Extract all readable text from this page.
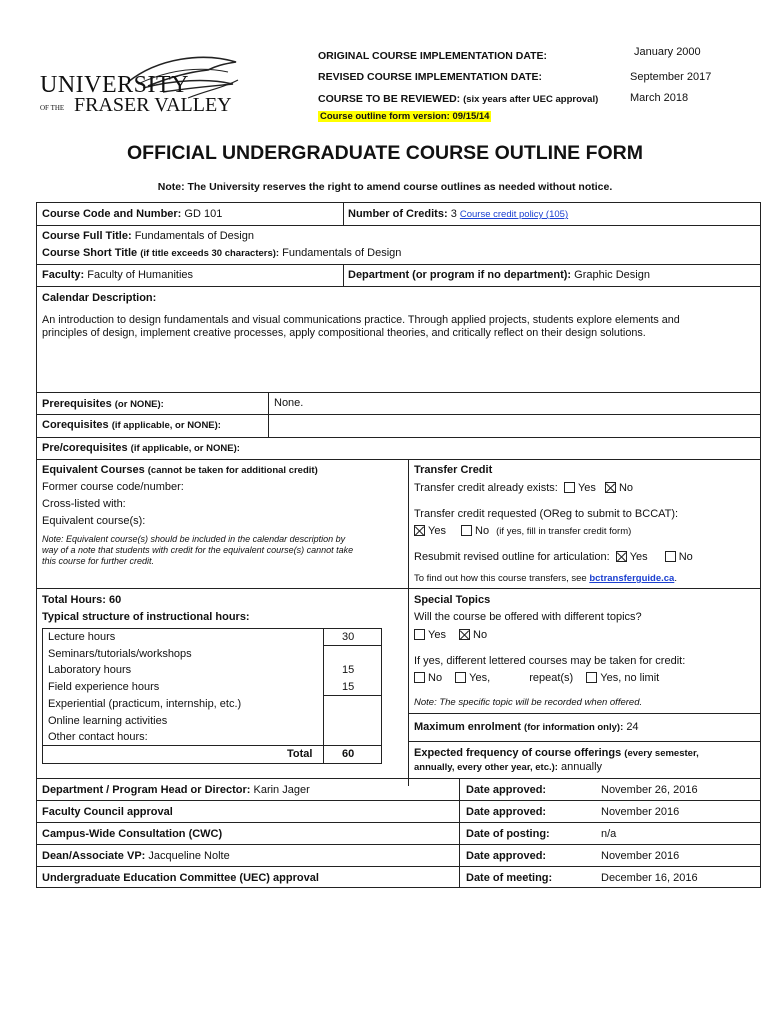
UNIVERSITY
OF THE FRASER VALLEY
ORIGINAL COURSE IMPLEMENTATION DATE:	January 2000
REVISED COURSE IMPLEMENTATION DATE:	September 2017
COURSE TO BE REVIEWED: (six years after UEC approval)	March 2018
Course outline form version: 09/15/14
OFFICIAL UNDERGRADUATE COURSE OUTLINE FORM
Note: The University reserves the right to amend course outlines as needed without notice.
Course Code and Number: GD 101	Number of Credits: 3 Course credit policy (105)
Course Full Title: Fundamentals of Design
Course Short Title (if title exceeds 30 characters): Fundamentals of Design
Faculty: Faculty of Humanities	Department (or program if no department): Graphic Design
Calendar Description:
An introduction to design fundamentals and visual communications practice. Through applied projects, students explore elements and
principles of design, implement creative processes, apply compositional theories, and critically reflect on their design solutions.
Prerequisites (or NONE):	None.
Corequisites (if applicable, or NONE):
Pre/corequisites (if applicable, or NONE):
Equivalent Courses (cannot be taken for additional credit)
Former course code/number:
Cross-listed with:
Equivalent course(s):
Note: Equivalent course(s) should be included in the calendar description by
way of a note that students with credit for the equivalent course(s) cannot take
this course for further credit.
Transfer Credit
Transfer credit already exists: Yes No
Transfer credit requested (OReg to submit to BCCAT):
Yes	No (if yes, fill in transfer credit form)
Resubmit revised outline for articulation: Yes	No
To find out how this course transfers, see bctransferguide.ca.
Total Hours: 60
Typical structure of instructional hours:
Lecture hours	30
Seminars/tutorials/workshops
Laboratory hours	15
Field experience hours	15
Experiential (practicum, internship, etc.)
Online learning activities
Other contact hours:
Total	60
Special Topics
Will the course be offered with different topics?
Yes No
If yes, different lettered courses may be taken for credit:
No Yes,	repeat(s) Yes, no limit
Note: The specific topic will be recorded when offered.
Maximum enrolment (for information only): 24
Expected frequency of course offerings (every semester,
annually, every other year, etc.): annually
Department / Program Head or Director: Karin Jager	Date approved:	November 26, 2016
Faculty Council approval	Date approved:	November 2016
Campus-Wide Consultation (CWC)	Date of posting:	n/a
Dean/Associate VP: Jacqueline Nolte	Date approved:	November 2016
Undergraduate Education Committee (UEC) approval	Date of meeting:	December 16, 2016
